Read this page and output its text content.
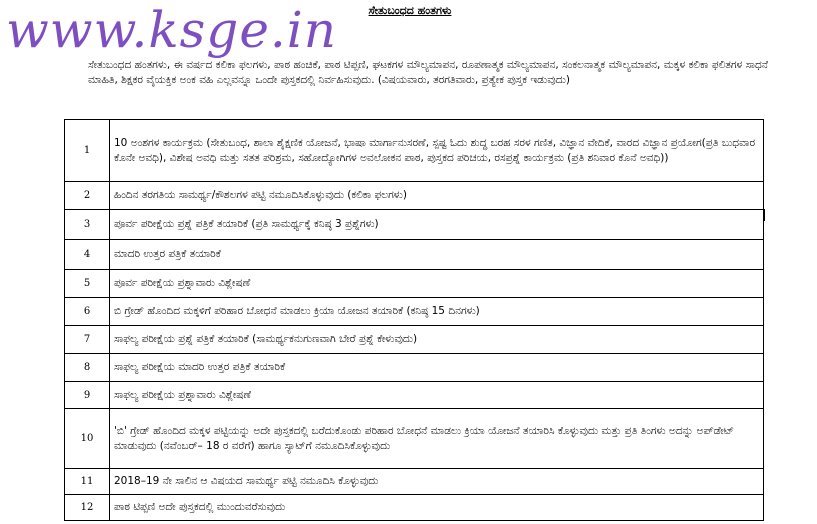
www.ksge.in	ಸೇತುಬಂಧದ ಹಂತಗಳು
ಸೇತುಬಂಧದ ಹಂತಗಳು, ಈ ವರ್ಷದ ಕಲಿಕಾ ಫಲಗಳು, ಪಾಠ ಹಂಚಿಕೆ, ಪಾಠ ಟಿಪ್ಪಣಿ, ಘಟಕಗಳ ಮೌಲ್ಯಮಾಪನ, ರೂಪಣಾತ್ಮಕ ಮೌಲ್ಯಮಾಪನ, ಸಂಕಲನಾತ್ಮಕ ಮೌಲ್ಯಮಾಪನ, ಮಕ್ಕಳ ಕಲಿಕಾ ಫಲಿತಗಳ ಸಾಧನೆ ಮಾಹಿತಿ, ಶಿಕ್ಷಕರ ವೈಯಕ್ತಿಕ ಅಂಕ ವಹಿ ಎಲ್ಲವನ್ನೂ ಒಂದೇ ಪುಸ್ತಕದಲ್ಲಿ ನಿರ್ವಹಿಸುವುದು. (ವಿಷಯವಾರು, ತರಗತಿವಾರು, ಪ್ರತ್ಯೇಕ ಪುಸ್ತಕ ಇಡುವುದು)
1	10 ಅಂಶಗಳ ಕಾರ್ಯಕ್ರಮ (ಸೇತುಬಂಧ, ಶಾಲಾ ಶೈಕ್ಷಣಿಕ ಯೋಜನೆ, ಭಾಷಾ ಮಾರ್ಗಾನುಸರಣೆ, ಸ್ಪಷ್ಟ ಓದು ಶುದ್ಧ ಬರಹ ಸರಳ ಗಣಿತ, ವಿಜ್ಞಾನ ವೇದಿಕೆ, ವಾರದ ವಿಜ್ಞಾನ ಪ್ರಯೋಗ(ಪ್ರತಿ ಬುಧವಾರ ಕೊನೇ ಅವಧಿ), ವಿಶೇಷ ಅವಧಿ ಮತ್ತು ಸತತ ಪರಿಶ್ರಮ, ಸಹೋದ್ಯೋಗಿಗಳ ಅವಲೋಕನ ಪಾಠ, ಪುಸ್ತಕದ ಪರಿಚಯ, ರಸಪ್ರಶ್ನೆ ಕಾರ್ಯಕ್ರಮ (ಪ್ರತಿ ಶನಿವಾರ ಕೊನೆ ಅವಧಿ))
2	ಹಿಂದಿನ ತರಗತಿಯ ಸಾಮರ್ಥ್ಯ/ಕೌಶಲಗಳ ಪಟ್ಟಿ ನಮೂದಿಸಿಕೊಳ್ಳುವುದು (ಕಲಿಕಾ ಫಲಗಳು)
3	ಪೂರ್ವ ಪರೀಕ್ಷೆಯ ಪ್ರಶ್ನೆ ಪತ್ರಿಕೆ ತಯಾರಿಕೆ (ಪ್ರತಿ ಸಾಮರ್ಥ್ಯಕ್ಕೆ ಕನಿಷ್ಠ 3 ಪ್ರಶ್ನೆಗಳು)
4	ಮಾದರಿ ಉತ್ತರ ಪತ್ರಿಕೆ ತಯಾರಿಕೆ
5	ಪೂರ್ವ ಪರೀಕ್ಷೆಯ ಪ್ರಶ್ನಾವಾರು ವಿಶ್ಲೇಷಣೆ
6	ಬಿ ಗ್ರೇಡ್ ಹೊಂದಿದ ಮಕ್ಕಳಿಗೆ ಪರಿಹಾರ ಬೋಧನೆ ಮಾಡಲು ಕ್ರಿಯಾ ಯೋಜನ ತಯಾರಿಕೆ (ಕನಿಷ್ಠ 15 ದಿನಗಳು)
7	ಸಾಫಲ್ಯ ಪರೀಕ್ಷೆಯ ಪ್ರಶ್ನೆ ಪತ್ರಿಕೆ ತಯಾರಿಕೆ (ಸಾಮರ್ಥ್ಯಕನುಗುಣವಾಗಿ ಬೇರೆ ಪ್ರಶ್ನೆ ಕೇಳುವುದು)
8	ಸಾಫಲ್ಯ ಪರೀಕ್ಷೆಯ ಮಾದರಿ ಉತ್ತರ ಪತ್ರಿಕೆ ತಯಾರಿಕೆ
9	ಸಾಫಲ್ಯ ಪರೀಕ್ಷೆಯ ಪ್ರಶ್ನಾವಾರು ವಿಶ್ಲೇಷಣೆ
10	'ಬಿ' ಗ್ರೇಡ್ ಹೊಂದಿದ ಮಕ್ಕಳ ಪಟ್ಟಿಯನ್ನು ಅದೇ ಪುಸ್ತಕದಲ್ಲಿ ಬರೆದುಕೊಂಡು ಪರಿಹಾರ ಬೋಧನೆ ಮಾಡಲು ಕ್ರಿಯಾ ಯೋಜನೆ ತಯಾರಿಸಿ ಕೊಳ್ಳುವುದು ಮತ್ತು ಪ್ರತಿ ತಿಂಗಳು ಅದನ್ನು ಅಪ್‌ಡೇಟ್ ಮಾಡುವುದು (ನವೆಂಬರ್– 18 ರ ವರೆಗೆ) ಹಾಗೂ ಸ್ಯಾಟ್‌ಗೆ ನಮೂದಿಸಿಕೊಳ್ಳುವುದು
11	2018–19 ನೇ ಸಾಲಿನ ಆ ವಿಷಯದ ಸಾಮರ್ಥ್ಯ ಪಟ್ಟಿ ನಮೂದಿಸಿ ಕೊಳ್ಳುವುದು
12	ಪಾಠ ಟಿಪ್ಪಣಿ ಅದೇ ಪುಸ್ತಕದಲ್ಲಿ ಮುಂದುವರೆಸುವುದು
